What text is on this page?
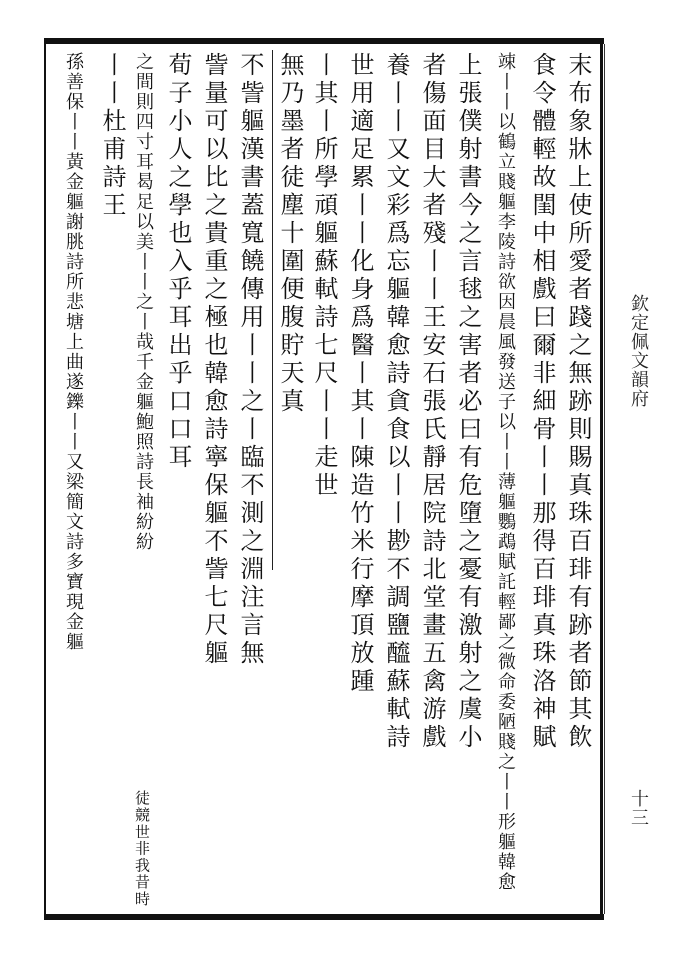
末布象牀上使所愛者踐之無跡則賜真珠百琲有跡者節其飲
食令體輕故閨中相戲曰爾非細骨丨丨那得百琲真珠洛神賦
竦丨丨以鶴立賤軀李陵詩欲因晨風發送子以丨丨薄軀鸚鵡賦託輕鄙之微命委陋賤之丨丨形軀韓愈
上張僕射書今之言毬之害者必曰有危墮之憂有激射之虞小
者傷面目大者殘丨丨王安石張氏靜居院詩北堂畫五禽游戲
養丨丨又文彩爲忘軀韓愈詩貪食以丨丨尠不調鹽醯蘇軾詩
世用適足累丨丨化身爲醫丨其丨陳造竹米行摩頂放踵
丨其丨所學頑軀蘇軾詩七尺丨丨走世
無乃墨者徒塵十圍便腹貯天真
不訾軀漢書蓋寬饒傳用丨丨之丨臨不測之淵注言無
訾量可以比之貴重之極也韓愈詩寧保軀不訾七尺軀
荀子小人之學也入乎耳出乎口口耳
之間則四寸耳曷足以美丨丨之丨哉千金軀鮑照詩長袖紛紛
丨丨杜甫詩王
孫善保丨丨黃金軀謝朓詩所悲塘上曲遂鑠丨丨又梁簡文詩多寶現金軀
徒競世非我昔時
欽定佩文韻府
十三
